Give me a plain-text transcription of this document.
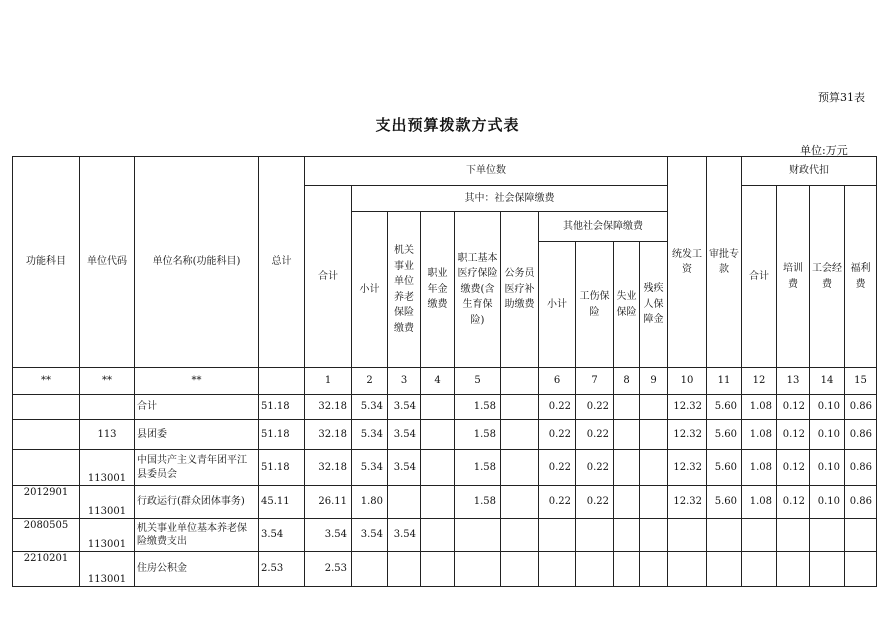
预算31表
支出预算拨款方式表
单位:万元
功能科目	单位代码	单位名称(功能科目)	总计	下单位数										统发工资	审批专款	财政代扣			
				合计	其中：社会保障缴费											合计	培训费	工会经费	福利费
					小计	机关事业单位养老保险缴费	职业年金缴费	职工基本医疗保险缴费(含生育保险)	公务员医疗补助缴费	其他社会保障缴费									
										小计	工伤保险	失业保险	残疾人保障金						
**	**	**		1	2	3	4	5		6	7	8	9	10	11	12	13	14	15
		合计	51.18	32.18	5.34	3.54		1.58		0.22	0.22			12.32	5.60	1.08	0.12	0.10	0.86
	113	县团委	51.18	32.18	5.34	3.54		1.58		0.22	0.22			12.32	5.60	1.08	0.12	0.10	0.86
	113001	中国共产主义青年团平江县委员会	51.18	32.18	5.34	3.54		1.58		0.22	0.22			12.32	5.60	1.08	0.12	0.10	0.86
2012901	113001	行政运行(群众团体事务)	45.11	26.11	1.80			1.58		0.22	0.22			12.32	5.60	1.08	0.12	0.10	0.86
2080505	113001	机关事业单位基本养老保险缴费支出	3.54	3.54	3.54	3.54													
2210201	113001	住房公积金	2.53	2.53															
